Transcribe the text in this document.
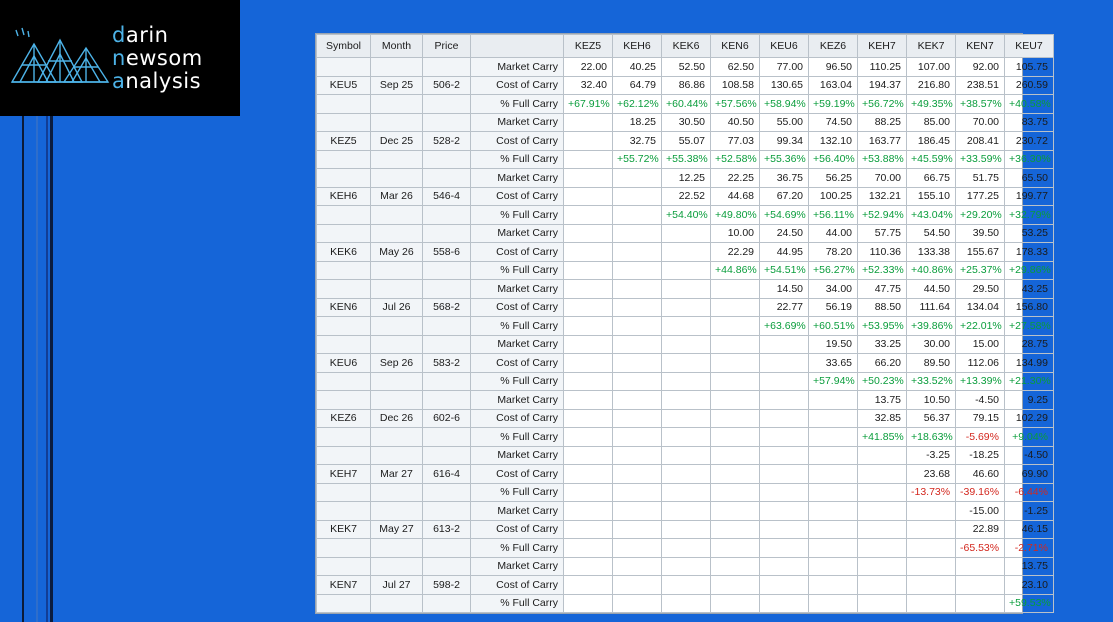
darin
newsom
analysis
Symbol	Month	Price		KEZ5	KEH6	KEK6	KEN6	KEU6	KEZ6	KEH7	KEK7	KEN7	KEU7
			Market Carry	22.00	40.25	52.50	62.50	77.00	96.50	110.25	107.00	92.00	105.75
KEU5	Sep 25	506-2	Cost of Carry	32.40	64.79	86.86	108.58	130.65	163.04	194.37	216.80	238.51	260.59
			% Full Carry	+67.91%	+62.12%	+60.44%	+57.56%	+58.94%	+59.19%	+56.72%	+49.35%	+38.57%	+40.58%
			Market Carry		18.25	30.50	40.50	55.00	74.50	88.25	85.00	70.00	83.75
KEZ5	Dec 25	528-2	Cost of Carry		32.75	55.07	77.03	99.34	132.10	163.77	186.45	208.41	230.72
			% Full Carry		+55.72%	+55.38%	+52.58%	+55.36%	+56.40%	+53.88%	+45.59%	+33.59%	+36.30%
			Market Carry			12.25	22.25	36.75	56.25	70.00	66.75	51.75	65.50
KEH6	Mar 26	546-4	Cost of Carry			22.52	44.68	67.20	100.25	132.21	155.10	177.25	199.77
			% Full Carry			+54.40%	+49.80%	+54.69%	+56.11%	+52.94%	+43.04%	+29.20%	+32.79%
			Market Carry				10.00	24.50	44.00	57.75	54.50	39.50	53.25
KEK6	May 26	558-6	Cost of Carry				22.29	44.95	78.20	110.36	133.38	155.67	178.33
			% Full Carry				+44.86%	+54.51%	+56.27%	+52.33%	+40.86%	+25.37%	+29.86%
			Market Carry					14.50	34.00	47.75	44.50	29.50	43.25
KEN6	Jul 26	568-2	Cost of Carry					22.77	56.19	88.50	111.64	134.04	156.80
			% Full Carry					+63.69%	+60.51%	+53.95%	+39.86%	+22.01%	+27.58%
			Market Carry						19.50	33.25	30.00	15.00	28.75
KEU6	Sep 26	583-2	Cost of Carry						33.65	66.20	89.50	112.06	134.99
			% Full Carry						+57.94%	+50.23%	+33.52%	+13.39%	+21.30%
			Market Carry							13.75	10.50	-4.50	9.25
KEZ6	Dec 26	602-6	Cost of Carry							32.85	56.37	79.15	102.29
			% Full Carry							+41.85%	+18.63%	-5.69%	+9.04%
			Market Carry								-3.25	-18.25	-4.50
KEH7	Mar 27	616-4	Cost of Carry								23.68	46.60	69.90
			% Full Carry								-13.73%	-39.16%	-6.44%
			Market Carry									-15.00	-1.25
KEK7	May 27	613-2	Cost of Carry									22.89	46.15
			% Full Carry									-65.53%	-2.71%
			Market Carry										13.75
KEN7	Jul 27	598-2	Cost of Carry										23.10
			% Full Carry										+59.53%
